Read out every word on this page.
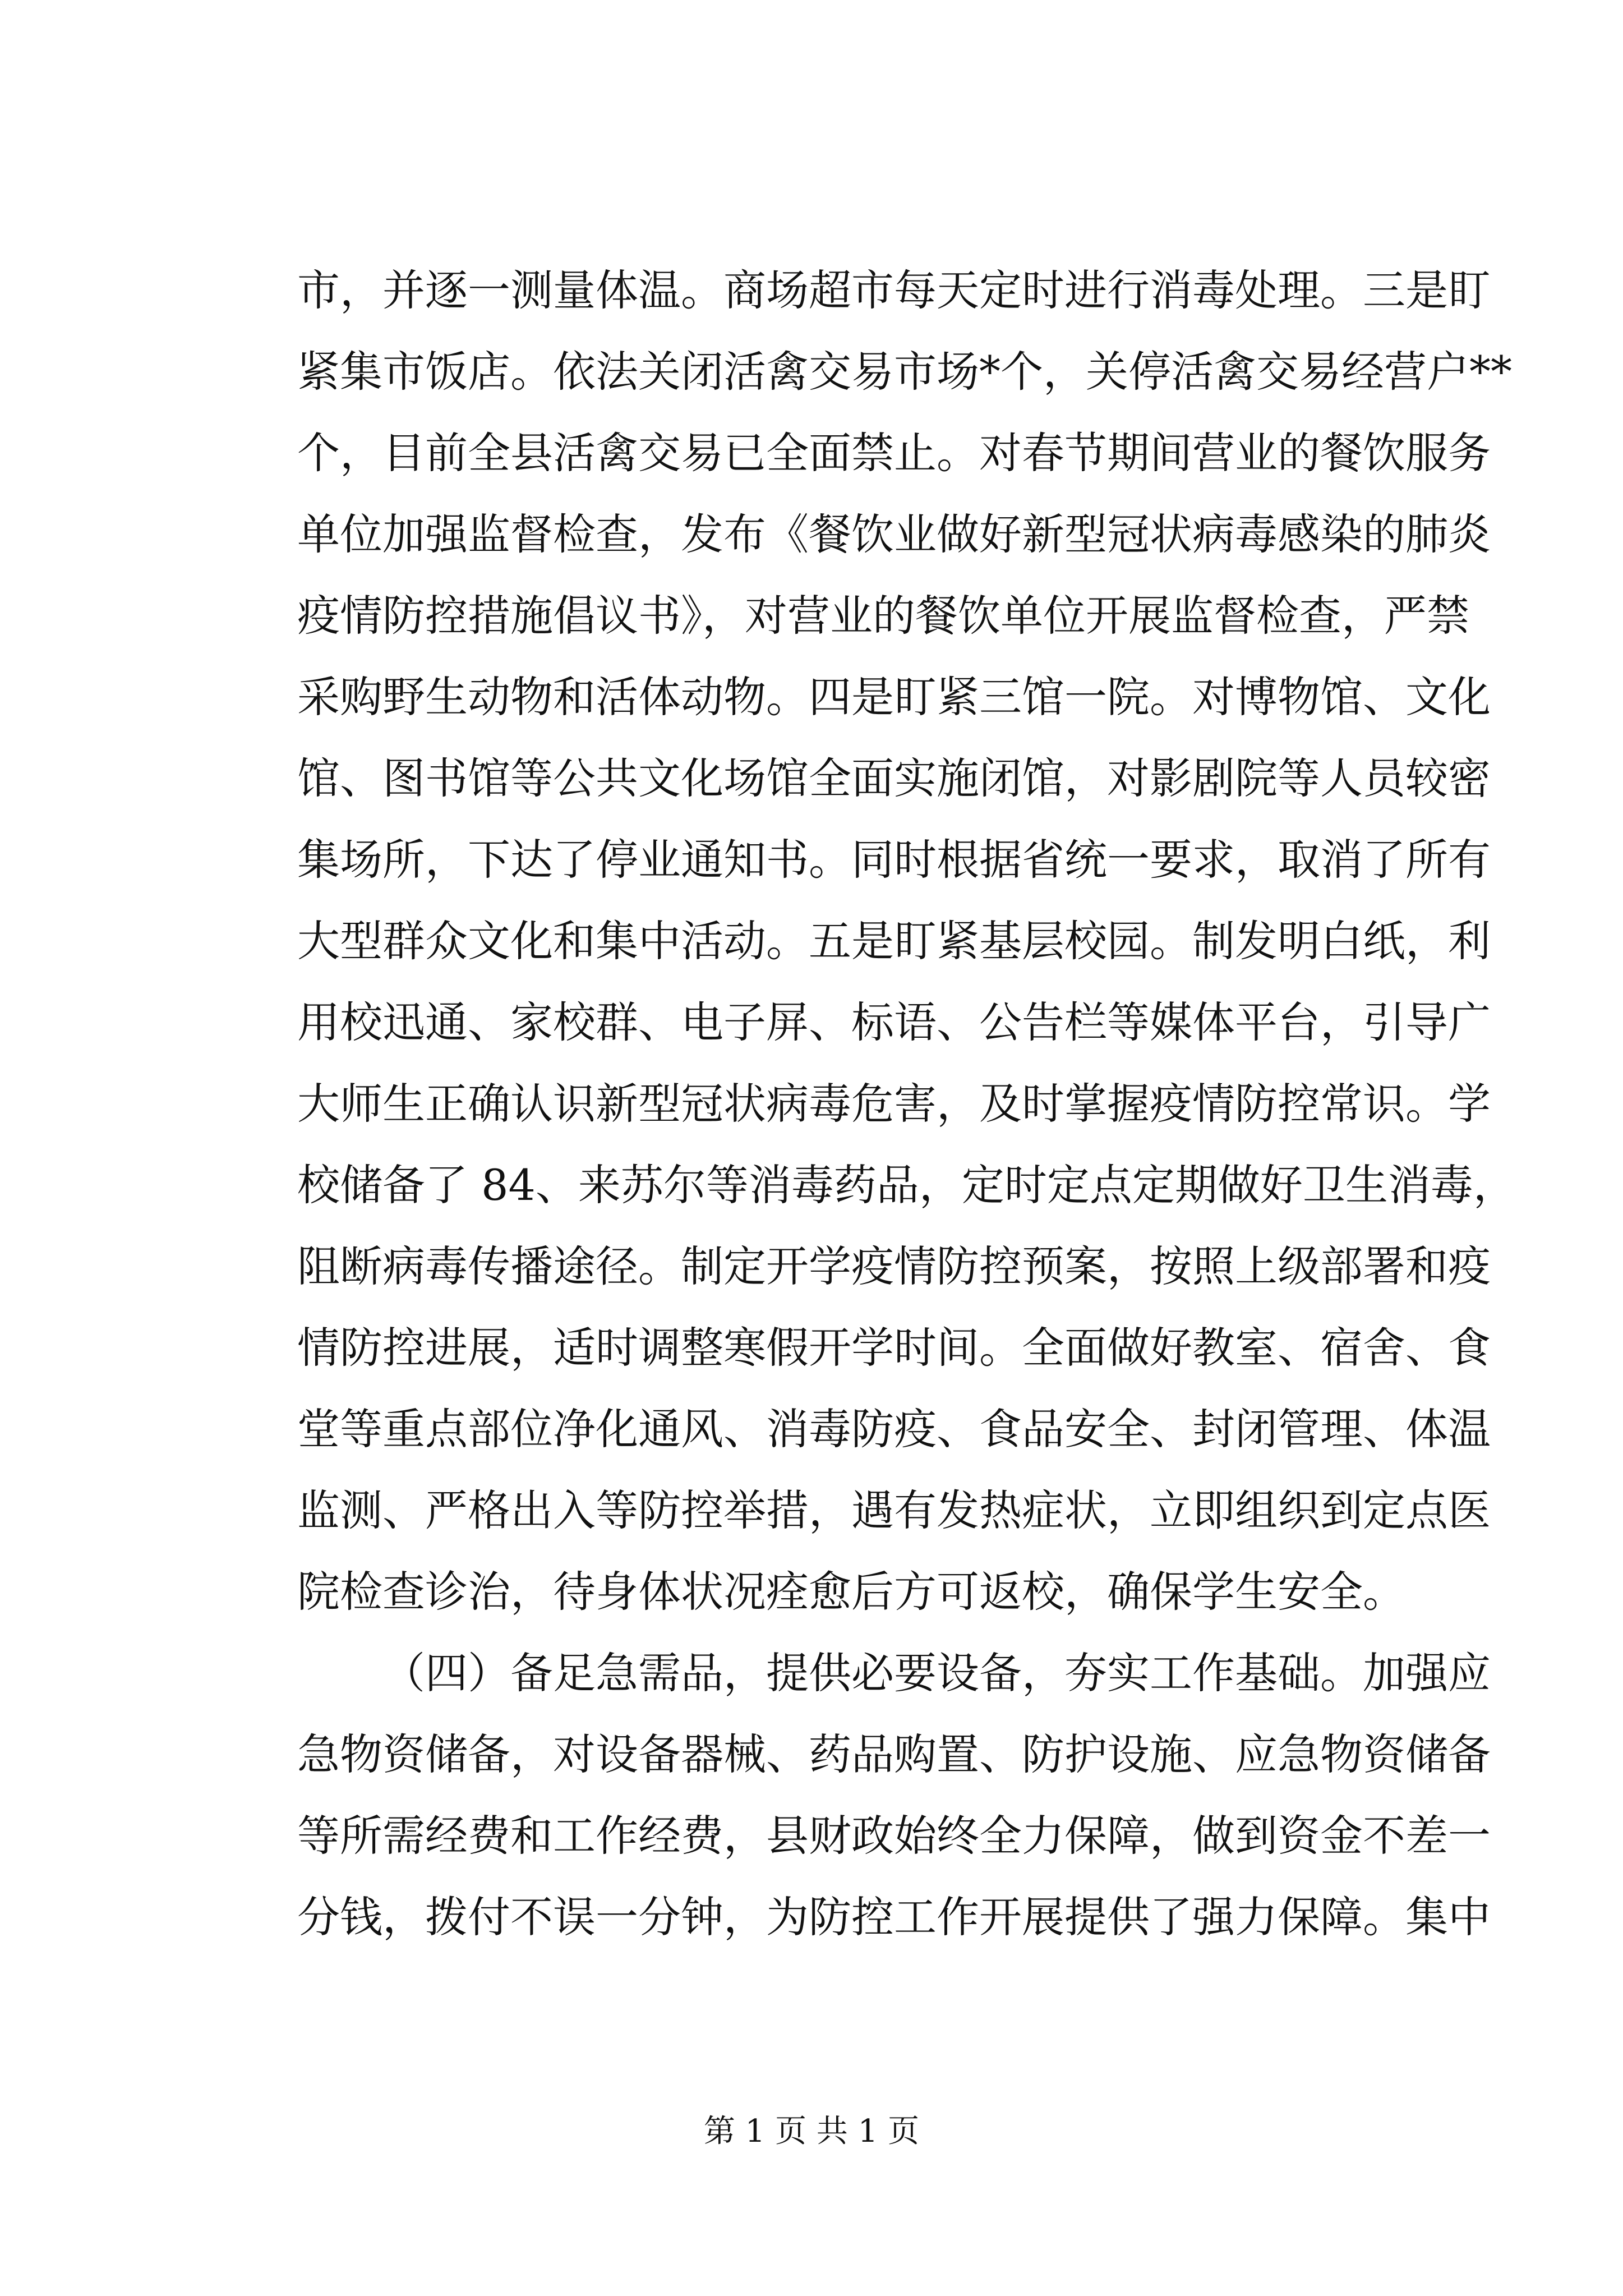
市，并逐一测量体温。商场超市每天定时进行消毒处理。三是盯
紧集市饭店。依法关闭活禽交易市场*个，关停活禽交易经营户**
个，目前全县活禽交易已全面禁止。对春节期间营业的餐饮服务
单位加强监督检查，发布《餐饮业做好新型冠状病毒感染的肺炎
疫情防控措施倡议书》，对营业的餐饮单位开展监督检查，严禁
采购野生动物和活体动物。四是盯紧三馆一院。对博物馆、文化
馆、图书馆等公共文化场馆全面实施闭馆，对影剧院等人员较密
集场所，下达了停业通知书。同时根据省统一要求，取消了所有
大型群众文化和集中活动。五是盯紧基层校园。制发明白纸，利
用校迅通、家校群、电子屏、标语、公告栏等媒体平台，引导广
大师生正确认识新型冠状病毒危害，及时掌握疫情防控常识。学
校储备了 84、来苏尔等消毒药品，定时定点定期做好卫生消毒，
阻断病毒传播途径。制定开学疫情防控预案，按照上级部署和疫
情防控进展，适时调整寒假开学时间。全面做好教室、宿舍、食
堂等重点部位净化通风、消毒防疫、食品安全、封闭管理、体温
监测、严格出入等防控举措，遇有发热症状，立即组织到定点医
院检查诊治，待身体状况痊愈后方可返校，确保学生安全。
（四）备足急需品，提供必要设备，夯实工作基础。加强应
急物资储备，对设备器械、药品购置、防护设施、应急物资储备
等所需经费和工作经费，县财政始终全力保障，做到资金不差一
分钱，拨付不误一分钟，为防控工作开展提供了强力保障。集中
第 1 页 共 1 页
